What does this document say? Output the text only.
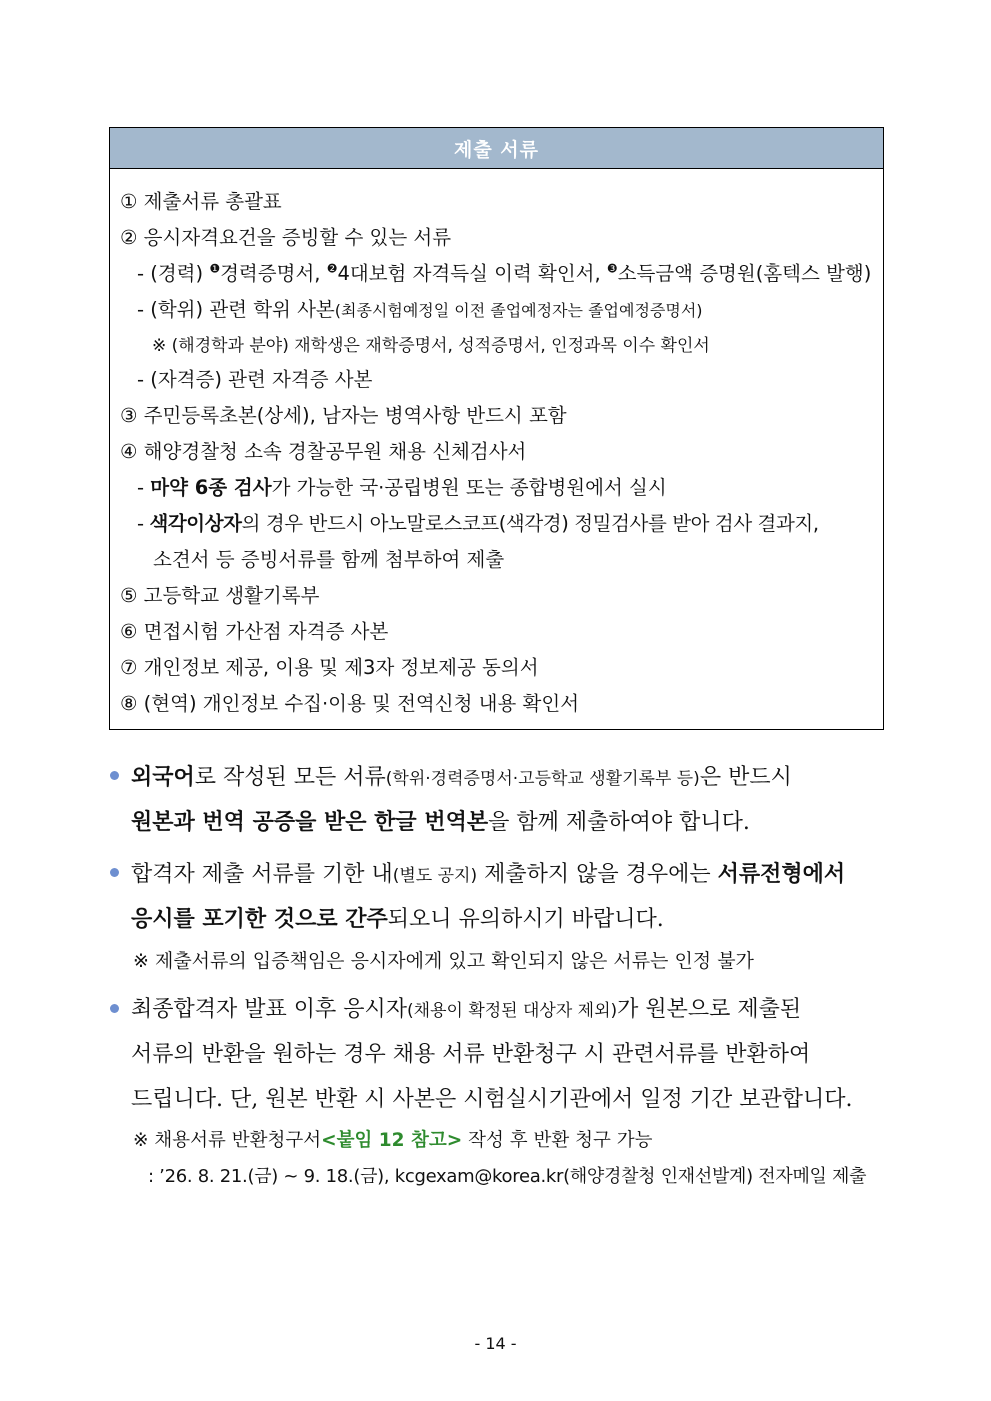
제출 서류
① 제출서류 총괄표
② 응시자격요건을 증빙할 수 있는 서류
- (경력) $^❶$경력증명서, $^❷$4대보험 자격득실 이력 확인서, $^❸$소득금액 증명원(홈텍스 발행)
- (학위) 관련 학위 사본(최종시험예정일 이전 졸업예정자는 졸업예정증명서)
※ (해경학과 분야) 재학생은 재학증명서, 성적증명서, 인정과목 이수 확인서
- (자격증) 관련 자격증 사본
③ 주민등록초본(상세), 남자는 병역사항 반드시 포함
④ 해양경찰청 소속 경찰공무원 채용 신체검사서
- 마약 6종 검사가 가능한 국·공립병원 또는 종합병원에서 실시
- 색각이상자의 경우 반드시 아노말로스코프(색각경) 정밀검사를 받아 검사 결과지,
소견서 등 증빙서류를 함께 첨부하여 제출
⑤ 고등학교 생활기록부
⑥ 면접시험 가산점 자격증 사본
⑦ 개인정보 제공, 이용 및 제3자 정보제공 동의서
⑧ (현역) 개인정보 수집·이용 및 전역신청 내용 확인서
외국어로 작성된 모든 서류(학위·경력증명서·고등학교 생활기록부 등)은 반드시
원본과 번역 공증을 받은 한글 번역본을 함께 제출하여야 합니다.
합격자 제출 서류를 기한 내(별도 공지) 제출하지 않을 경우에는 서류전형에서
응시를 포기한 것으로 간주되오니 유의하시기 바랍니다.
※ 제출서류의 입증책임은 응시자에게 있고 확인되지 않은 서류는 인정 불가
최종합격자 발표 이후 응시자(채용이 확정된 대상자 제외)가 원본으로 제출된
서류의 반환을 원하는 경우 채용 서류 반환청구 시 관련서류를 반환하여
드립니다. 단, 원본 반환 시 사본은 시험실시기관에서 일정 기간 보관합니다.
※ 채용서류 반환청구서<붙임 12 참고> 작성 후 반환 청구 가능
: ’26. 8. 21.(금) ~ 9. 18.(금), kcgexam@korea.kr(해양경찰청 인재선발계) 전자메일 제출
- 14 -
